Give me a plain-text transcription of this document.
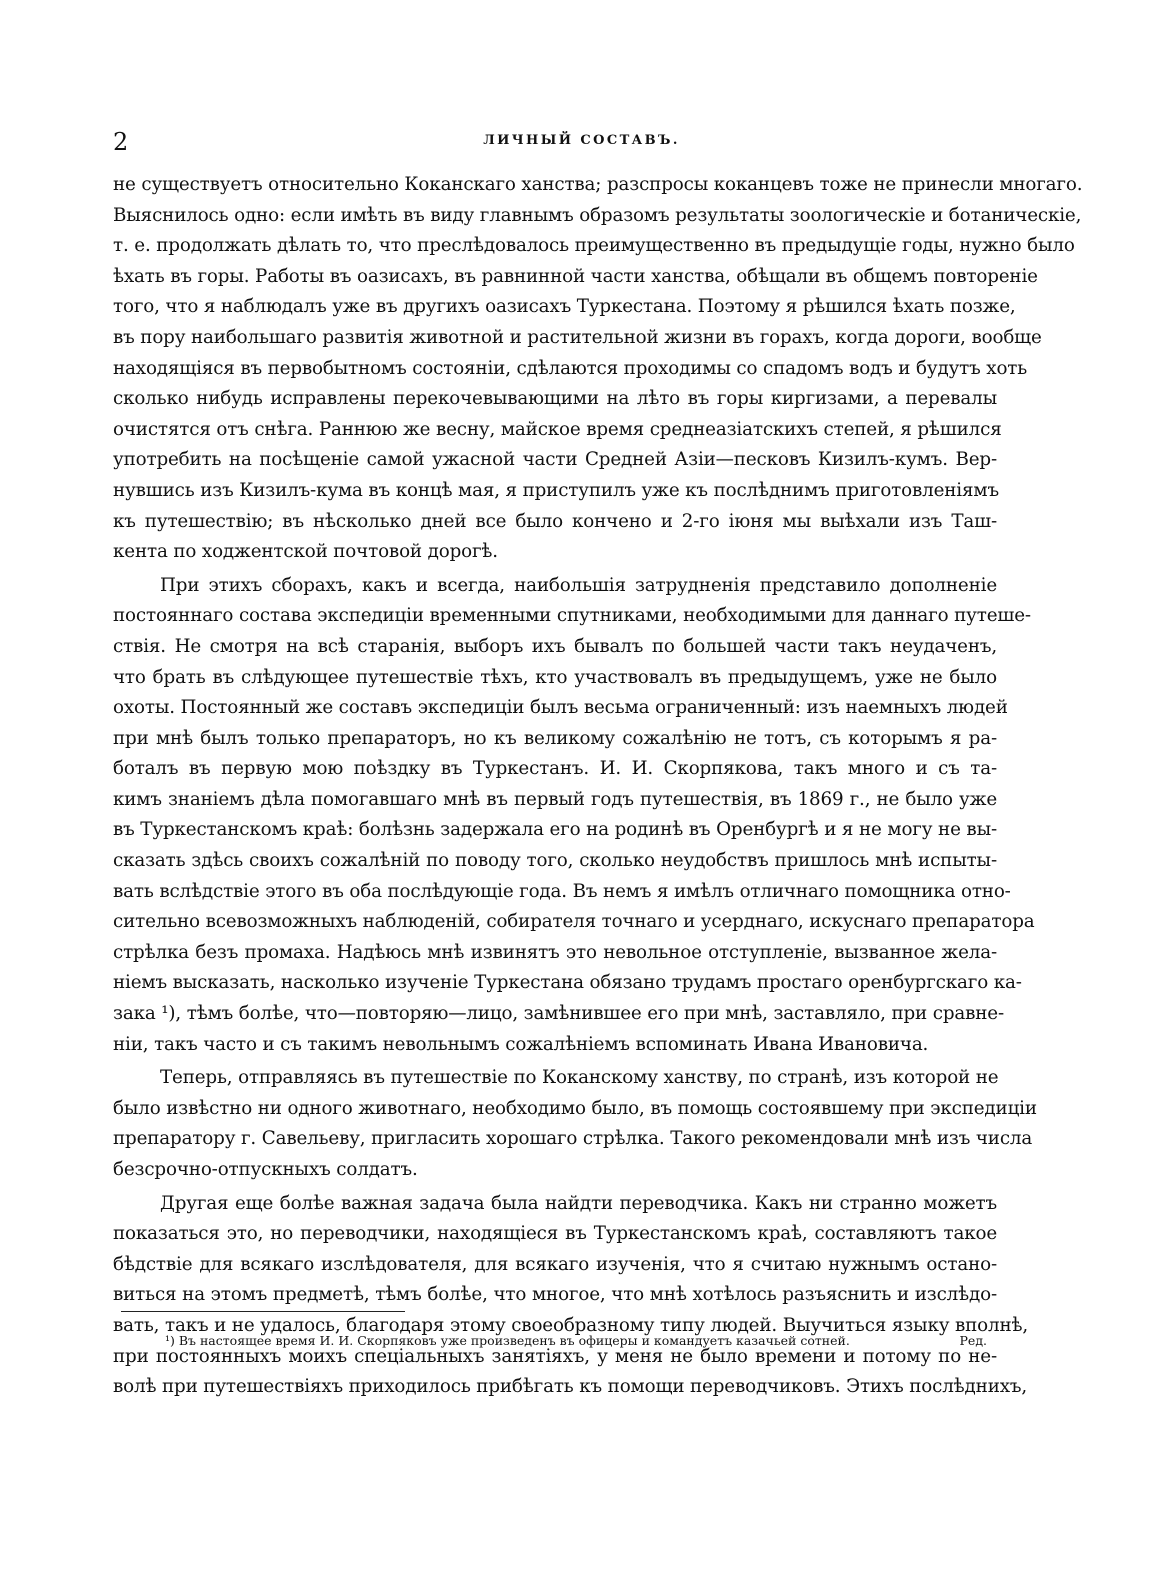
2	ЛИЧНЫЙ СОСТАВЪ.
не существуетъ относительно Коканскаго ханства; разспросы коканцевъ тоже не принесли многаго.
Выяснилось одно: если имѣть въ виду главнымъ образомъ результаты зоологическіе и ботаническіе,
т. е. продолжать дѣлать то, что преслѣдовалось преимущественно въ предыдущіе годы, нужно было
ѣхать въ горы. Работы въ оазисахъ, въ равнинной части ханства, обѣщали въ общемъ повтореніе
того, что я наблюдалъ уже въ другихъ оазисахъ Туркестана. Поэтому я рѣшился ѣхать позже,
въ пору наибольшаго развитія животной и растительной жизни въ горахъ, когда дороги, вообще
находящіяся въ первобытномъ состояніи, сдѣлаются проходимы со спадомъ водъ и будутъ хоть
сколько нибудь исправлены перекочевывающими на лѣто въ горы киргизами, а перевалы
очистятся отъ снѣга. Раннюю же весну, майское время среднеазіатскихъ степей, я рѣшился
употребить на посѣщеніе самой ужасной части Средней Азіи—песковъ Кизилъ-кумъ. Вер-
нувшись изъ Кизилъ-кума въ концѣ мая, я приступилъ уже къ послѣднимъ приготовленіямъ
къ путешествію; въ нѣсколько дней все было кончено и 2-го іюня мы выѣхали изъ Таш-
кента по ходжентской почтовой дорогѣ.
При этихъ сборахъ, какъ и всегда, наибольшія затрудненія представило дополненіе
постояннаго состава экспедиціи временными спутниками, необходимыми для даннаго путеше-
ствія. Не смотря на всѣ старанія, выборъ ихъ бывалъ по большей части такъ неудаченъ,
что брать въ слѣдующее путешествіе тѣхъ, кто участвовалъ въ предыдущемъ, уже не было
охоты. Постоянный же составъ экспедиціи былъ весьма ограниченный: изъ наемныхъ людей
при мнѣ былъ только препараторъ, но къ великому сожалѣнію не тотъ, съ которымъ я ра-
боталъ въ первую мою поѣздку въ Туркестанъ. И. И. Скорпякова, такъ много и съ та-
кимъ знаніемъ дѣла помогавшаго мнѣ въ первый годъ путешествія, въ 1869 г., не было уже
въ Туркестанскомъ краѣ: болѣзнь задержала его на родинѣ въ Оренбургѣ и я не могу не вы-
сказать здѣсь своихъ сожалѣній по поводу того, сколько неудобствъ пришлось мнѣ испыты-
вать вслѣдствіе этого въ оба послѣдующіе года. Въ немъ я имѣлъ отличнаго помощника отно-
сительно всевозможныхъ наблюденій, собирателя точнаго и усерднаго, искуснаго препаратора
стрѣлка безъ промаха. Надѣюсь мнѣ извинятъ это невольное отступленіе, вызванное жела-
ніемъ высказать, насколько изученіе Туркестана обязано трудамъ простаго оренбургскаго ка-
зака ¹), тѣмъ болѣе, что—повторяю—лицо, замѣнившее его при мнѣ, заставляло, при сравне-
ніи, такъ часто и съ такимъ невольнымъ сожалѣніемъ вспоминать Ивана Ивановича.
Теперь, отправляясь въ путешествіе по Коканскому ханству, по странѣ, изъ которой не
было извѣстно ни одного животнаго, необходимо было, въ помощь состоявшему при экспедиціи
препаратору г. Савельеву, пригласить хорошаго стрѣлка. Такого рекомендовали мнѣ изъ числа
безсрочно-отпускныхъ солдатъ.
Другая еще болѣе важная задача была найдти переводчика. Какъ ни странно можетъ
показаться это, но переводчики, находящіеся въ Туркестанскомъ краѣ, составляютъ такое
бѣдствіе для всякаго изслѣдователя, для всякаго изученія, что я считаю нужнымъ остано-
виться на этомъ предметѣ, тѣмъ болѣе, что многое, что мнѣ хотѣлось разъяснить и изслѣдо-
вать, такъ и не удалось, благодаря этому своеобразному типу людей. Выучиться языку вполнѣ,
при постоянныхъ моихъ спеціальныхъ занятіяхъ, у меня не было времени и потому по не-
волѣ при путешествіяхъ приходилось прибѣгать къ помощи переводчиковъ. Этихъ послѣднихъ,
¹) Въ настоящее время И. И. Скорпяковъ уже произведенъ въ офицеры и командуетъ казачьей сотней.	Ред.
